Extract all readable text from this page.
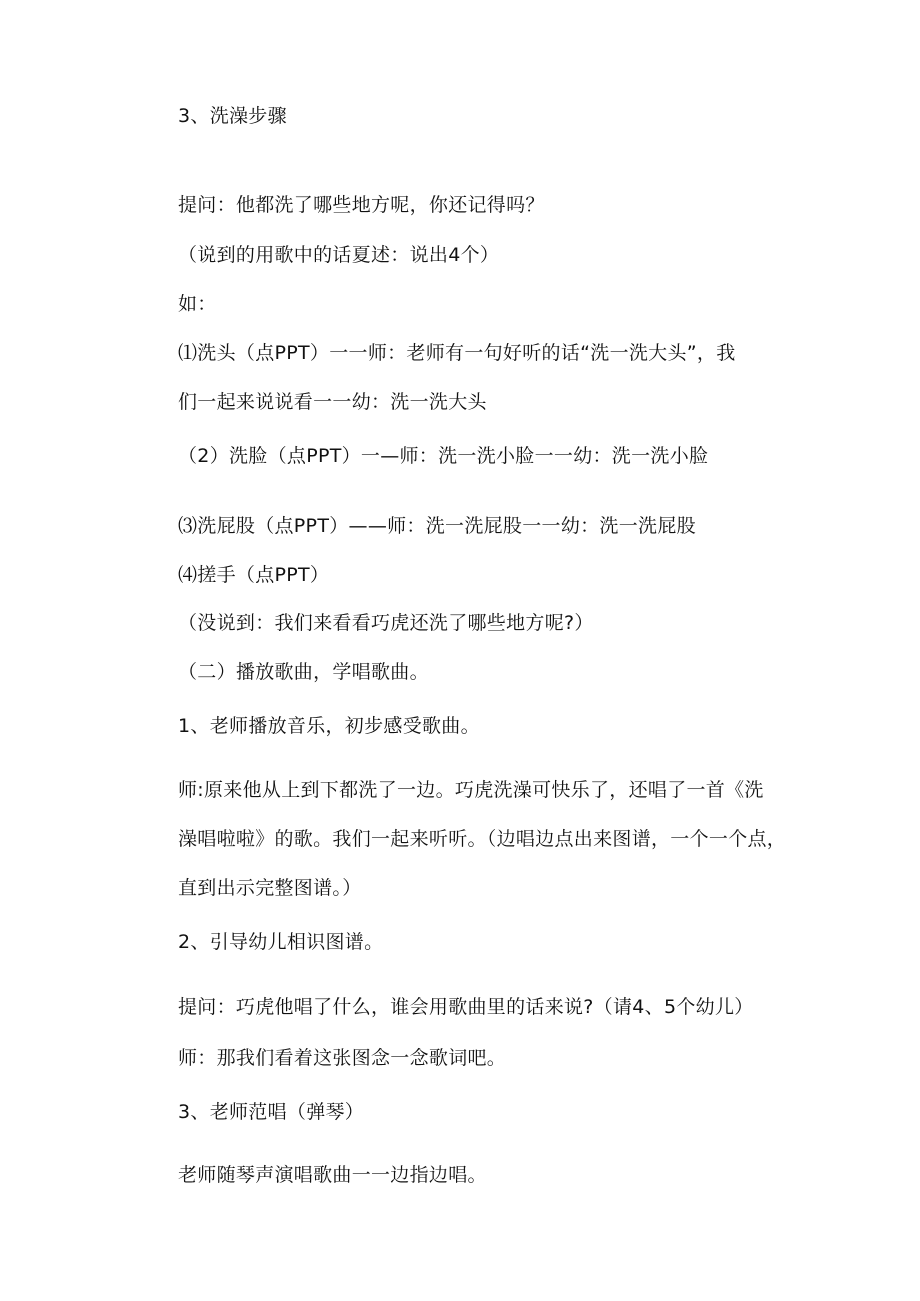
3、洗澡步骤
提问：他都洗了哪些地方呢，你还记得吗？
（说到的用歌中的话夏述：说出4个）
如：
⑴洗头（点PPT）一一师：老师有一句好听的话“洗一洗大头”，我
们一起来说说看一一幼：洗一洗大头
（2）洗脸（点PPT）一—师：洗一洗小脸一一幼：洗一洗小脸
⑶洗屁股（点PPT）——师：洗一洗屁股一一幼：洗一洗屁股
⑷搓手（点PPT）
（没说到：我们来看看巧虎还洗了哪些地方呢?）
（二）播放歌曲，学唱歌曲。
1、老师播放音乐，初步感受歌曲。
师:原来他从上到下都洗了一边。巧虎洗澡可快乐了，还唱了一首《洗
澡唱啦啦》的歌。我们一起来听听。（边唱边点出来图谱，一个一个点，
直到出示完整图谱。）
2、引导幼儿相识图谱。
提问：巧虎他唱了什么，谁会用歌曲里的话来说?（请4、5个幼儿）
师：那我们看着这张图念一念歌词吧。
3、老师范唱（弹琴）
老师随琴声演唱歌曲一一边指边唱。
